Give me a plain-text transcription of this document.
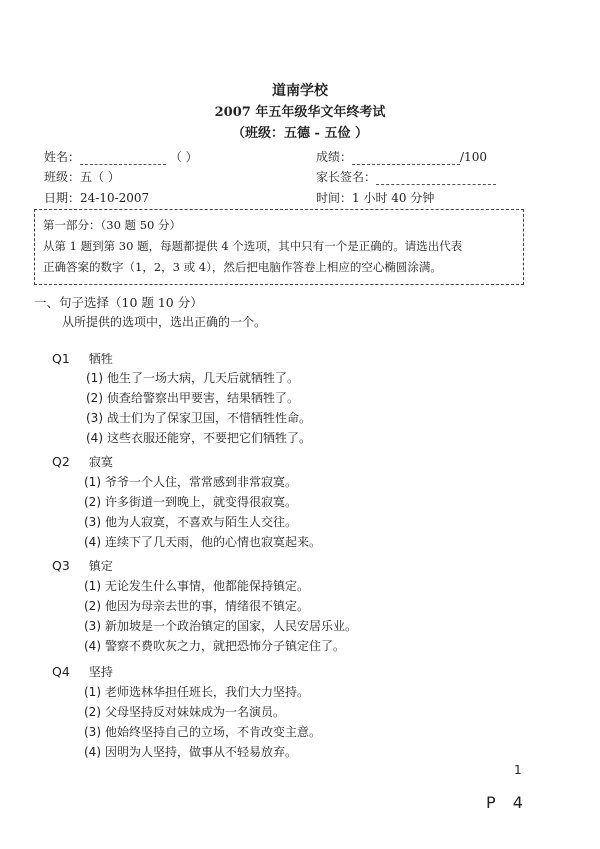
道南学校
2007 年五年级华文年终考试
（班级：五德 - 五俭 ）
姓名：	（ ）	成绩：	/100
班级：五（ ）	家长签名：
日期：24-10-2007	时间：1 小时 40 分钟
第一部分：（30 题 50 分）
从第 1 题到第 30 题，每题都提供 4 个选项，其中只有一个是正确的。请选出代表
正确答案的数字（1，2，3 或 4），然后把电脑作答卷上相应的空心椭圆涂满。
一、句子选择（10 题 10 分）
从所提供的选项中，选出正确的一个。
Q1 牺牲
(1) 他生了一场大病，几天后就牺牲了。
(2) 侦查给警察出甲要害，结果牺牲了。
(3) 战士们为了保家卫国，不惜牺牲性命。
(4) 这些衣服还能穿，不要把它们牺牲了。
Q2 寂寞
(1) 爷爷一个人住，常常感到非常寂寞。
(2) 许多街道一到晚上，就变得很寂寞。
(3) 他为人寂寞，不喜欢与陌生人交往。
(4) 连续下了几天雨，他的心情也寂寞起来。
Q3 镇定
(1) 无论发生什么事情，他都能保持镇定。
(2) 他因为母亲去世的事，情绪很不镇定。
(3) 新加坡是一个政治镇定的国家，人民安居乐业。
(4) 警察不费吹灰之力，就把恐怖分子镇定住了。
Q4 坚持
(1) 老师选林华担任班长，我们大力坚持。
(2) 父母坚持反对妹妹成为一名演员。
(3) 他始终坚持自己的立场，不肯改变主意。
(4) 因明为人坚持，做事从不轻易放弃。
1
P 4
